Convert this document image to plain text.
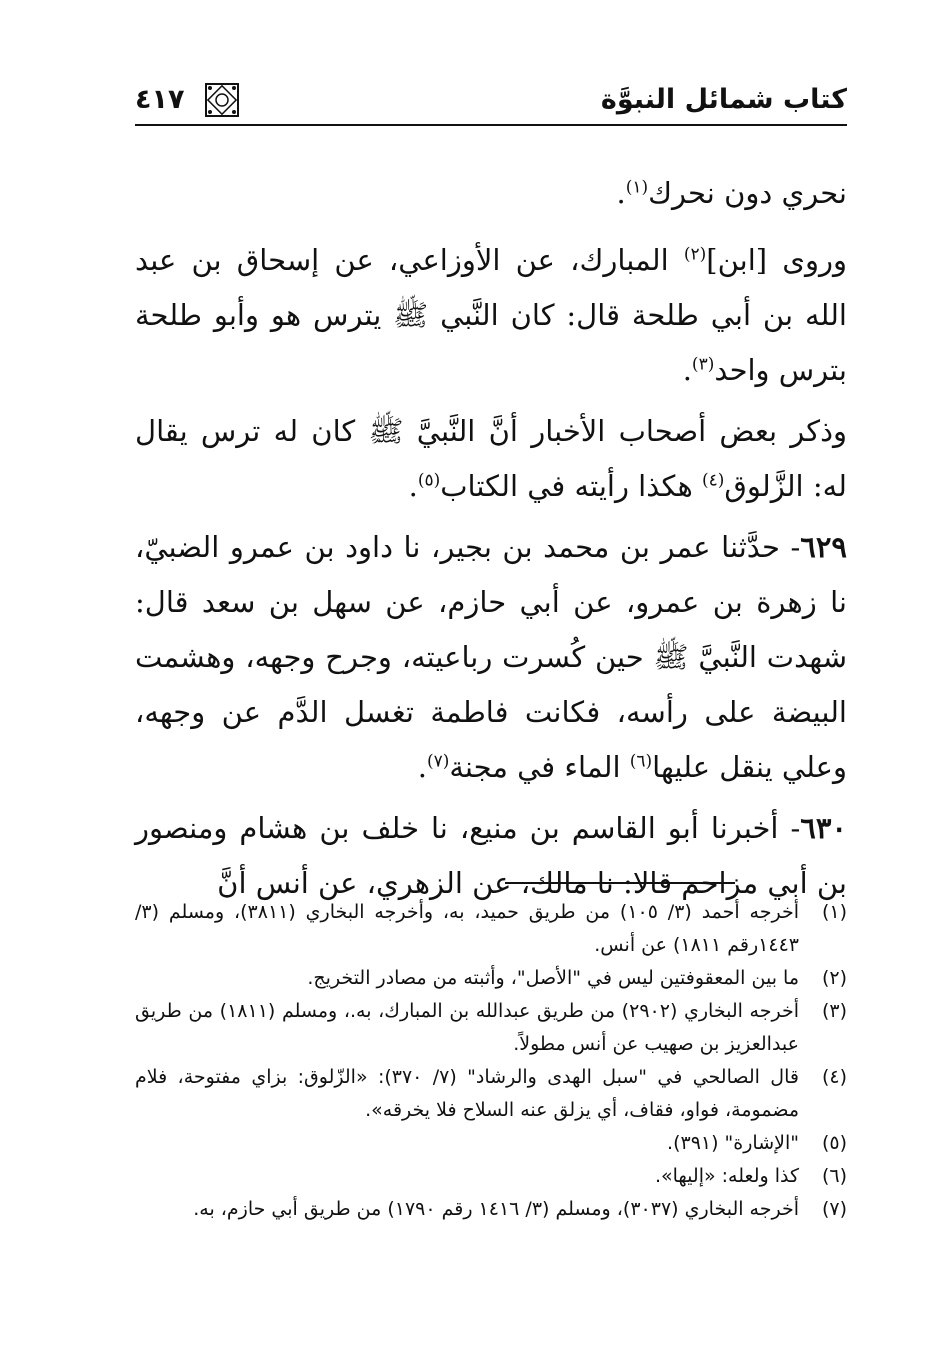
كتاب شمائل النبوَّة
٤١٧

نحري دون نحرك$^{(١)}$.

وروى [ابن]$^{(٢)}$ المبارك، عن الأوزاعي، عن إسحاق بن عبد الله بن أبي طلحة قال: كان النَّبي ﷺ يترس هو وأبو طلحة بترس واحد$^{(٣)}$.

وذكر بعض أصحاب الأخبار أنَّ النَّبيَّ ﷺ كان له ترس يقال له: الزَّلوق$^{(٤)}$ هكذا رأيته في الكتاب$^{(٥)}$.

٦٢٩- حدَّثنا عمر بن محمد بن بجير، نا داود بن عمرو الضبيّ، نا زهرة بن عمرو، عن أبي حازم، عن سهل بن سعد قال: شهدت النَّبيَّ ﷺ حين كُسرت رباعيته، وجرح وجهه، وهشمت البيضة على رأسه، فكانت فاطمة تغسل الدَّم عن وجهه، وعلي ينقل عليها$^{(٦)}$ الماء في مجنة$^{(٧)}$.

٦٣٠- أخبرنا أبو القاسم بن منيع، نا خلف بن هشام ومنصور بن أبي مزاحم قالا: نا مالك، عن الزهري، عن أنس أنَّ

(١)
أخرجه أحمد (٣/ ١٠٥) من طريق حميد، به، وأخرجه البخاري (٣٨١١)، ومسلم (٣/ ١٤٤٣رقم ١٨١١) عن أنس.
(٢)
ما بين المعقوفتين ليس في "الأصل"، وأثبته من مصادر التخريج.
(٣)
أخرجه البخاري (٢٩٠٢) من طريق عبدالله بن المبارك، به.، ومسلم (١٨١١) من طريق عبدالعزيز بن صهيب عن أنس مطولاً.
(٤)
قال الصالحي في "سبل الهدى والرشاد" (٧/ ٣٧٠): «الزّلوق: بزاي مفتوحة، فلام مضمومة، فواو، فقاف، أي يزلق عنه السلاح فلا يخرقه».
(٥)
"الإشارة" (٣٩١).
(٦)
كذا ولعله: «إليها».
(٧)
أخرجه البخاري (٣٠٣٧)، ومسلم (٣/ ١٤١٦ رقم ١٧٩٠) من طريق أبي حازم، به.
